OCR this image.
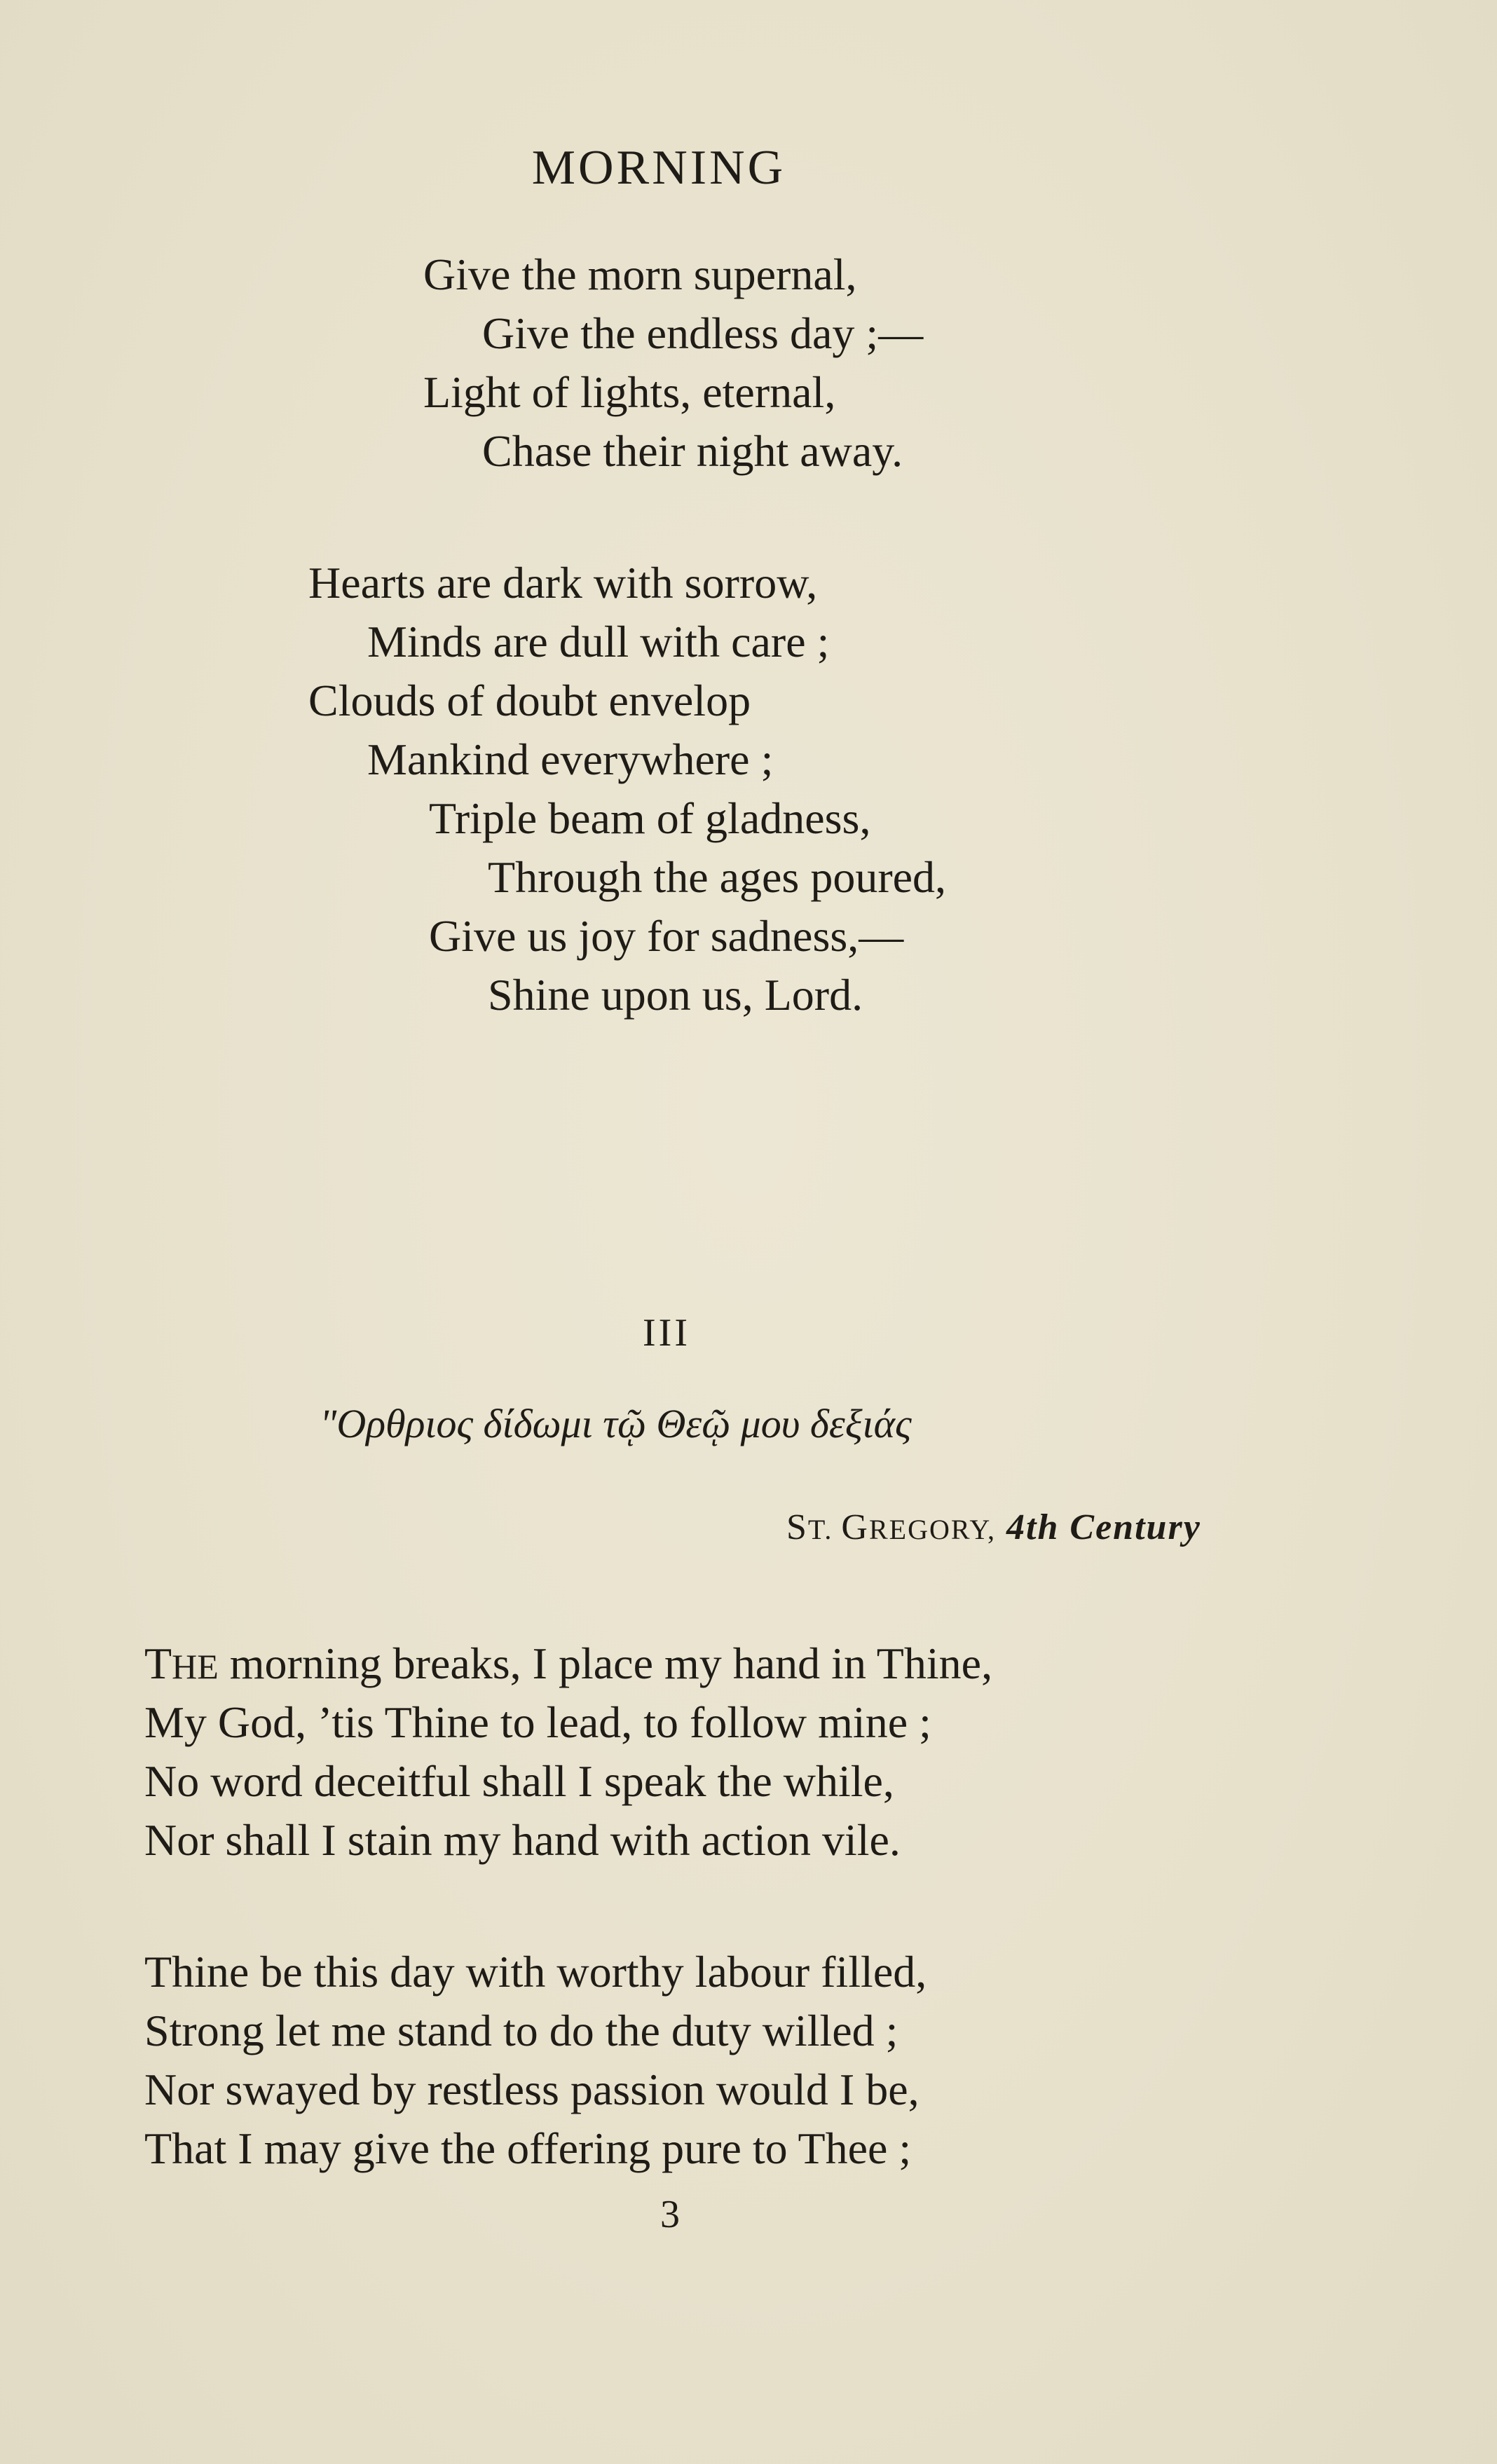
MORNING
Give the morn supernal,
Give the endless day ;—
Light of lights, eternal,
Chase their night away.
Hearts are dark with sorrow,
Minds are dull with care ;
Clouds of doubt envelop
Mankind everywhere ;
Triple beam of gladness,
Through the ages poured,
Give us joy for sadness,—
Shine upon us, Lord.
III
"Ορθριος δίδωμι τῷ Θεῷ μου δεξιάς
ST. GREGORY, 4th Century
THE morning breaks, I place my hand in Thine,
My God, ’tis Thine to lead, to follow mine ;
No word deceitful shall I speak the while,
Nor shall I stain my hand with action vile.
Thine be this day with worthy labour filled,
Strong let me stand to do the duty willed ;
Nor swayed by restless passion would I be,
That I may give the offering pure to Thee ;
3
